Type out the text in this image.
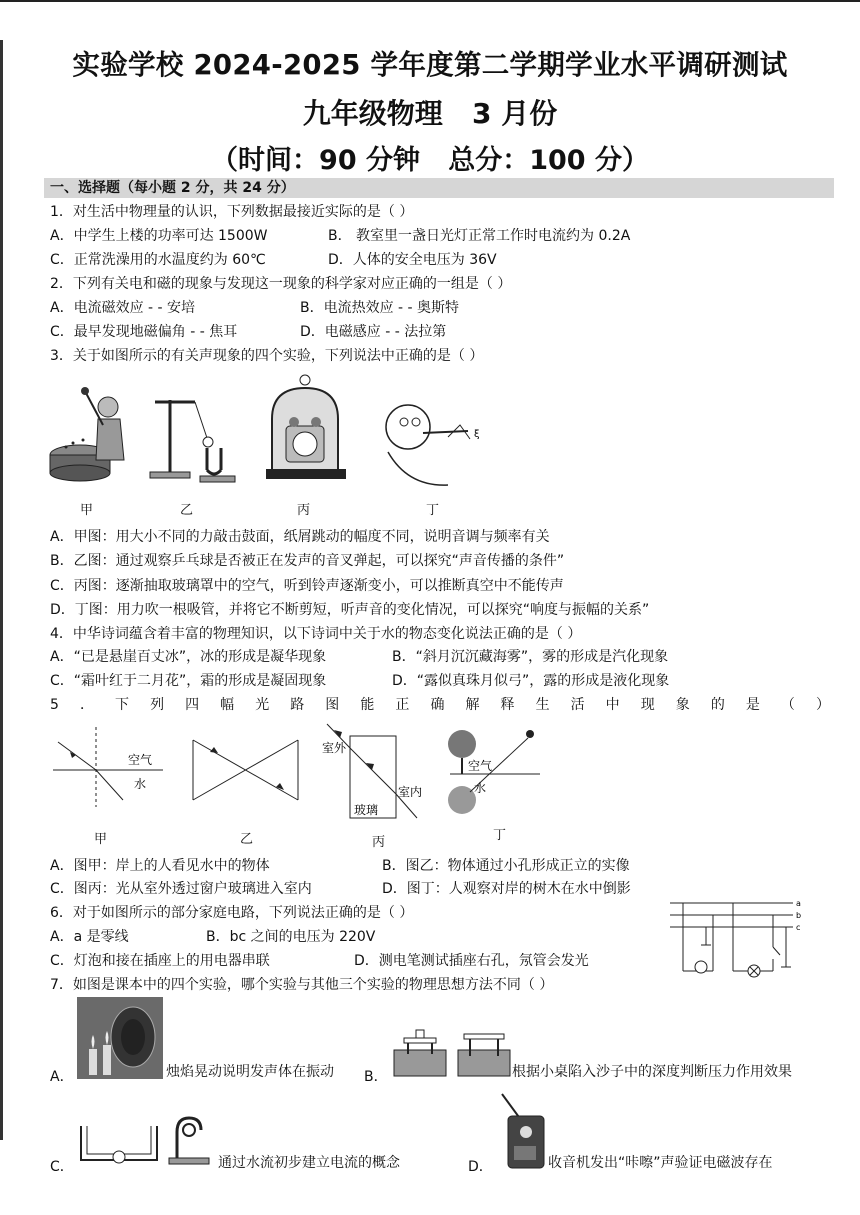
实验学校 2024-2025 学年度第二学期学业水平调研测试
九年级物理   3 月份
（时间：90 分钟   总分：100 分）
一、选择题（每小题 2 分，共 24 分）
1．对生活中物理量的认识，下列数据最接近实际的是（ ）
A．中学生上楼的功率可达 1500W	B． 教室里一盏日光灯正常工作时电流约为 0.2A
C．正常洗澡用的水温度约为 60℃	D．人体的安全电压为 36V
2．下列有关电和磁的现象与发现这一现象的科学家对应正确的一组是（ ）
A．电流磁效应 - - 安培	B．电流热效应 - - 奥斯特
C．最早发现地磁偏角 - - 焦耳	D．电磁感应 - - 法拉第
3．关于如图所示的有关声现象的四个实验，下列说法中正确的是（ ）
ξ
甲	乙	丙	丁
A．甲图：用大小不同的力敲击鼓面，纸屑跳动的幅度不同，说明音调与频率有关
B．乙图：通过观察乒乓球是否被正在发声的音叉弹起，可以探究“声音传播的条件”
C．丙图：逐渐抽取玻璃罩中的空气，听到铃声逐渐变小，可以推断真空中不能传声
D．丁图：用力吹一根吸管，并将它不断剪短，听声音的变化情况，可以探究“响度与振幅的关系”
4．中华诗词蕴含着丰富的物理知识，以下诗词中关于水的物态变化说法正确的是（ ）
A．“已是悬崖百丈冰”，冰的形成是凝华现象	B．“斜月沉沉藏海雾”，雾的形成是汽化现象
C．“霜叶红于二月花”，霜的形成是凝固现象	D．“露似真珠月似弓”，露的形成是液化现象
5 ． 下 列 四 幅 光 路 图 能 正 确 解 释 生 活 中 现 象 的 是 （ ）
空气
水
室外
室内
玻璃
空气
水
甲	乙	丙	丁
A．图甲：岸上的人看见水中的物体	B．图乙：物体通过小孔形成正立的实像
C．图丙：光从室外透过窗户玻璃进入室内	D．图丁：人观察对岸的树木在水中倒影
6．对于如图所示的部分家庭电路，下列说法正确的是（ ）
A．a 是零线	B．bc 之间的电压为 220V
C．灯泡和接在插座上的用电器串联	D．测电笔测试插座右孔，氖管会发光
a
b
c
7．如图是课本中的四个实验，哪个实验与其他三个实验的物理思想方法不同（ ）
A．	烛焰晃动说明发声体在振动 B．	根据小桌陷入沙子中的深度判断压力作用效果
C．	通过水流初步建立电流的概念	D．	收音机发出“咔嚓”声验证电磁波存在
